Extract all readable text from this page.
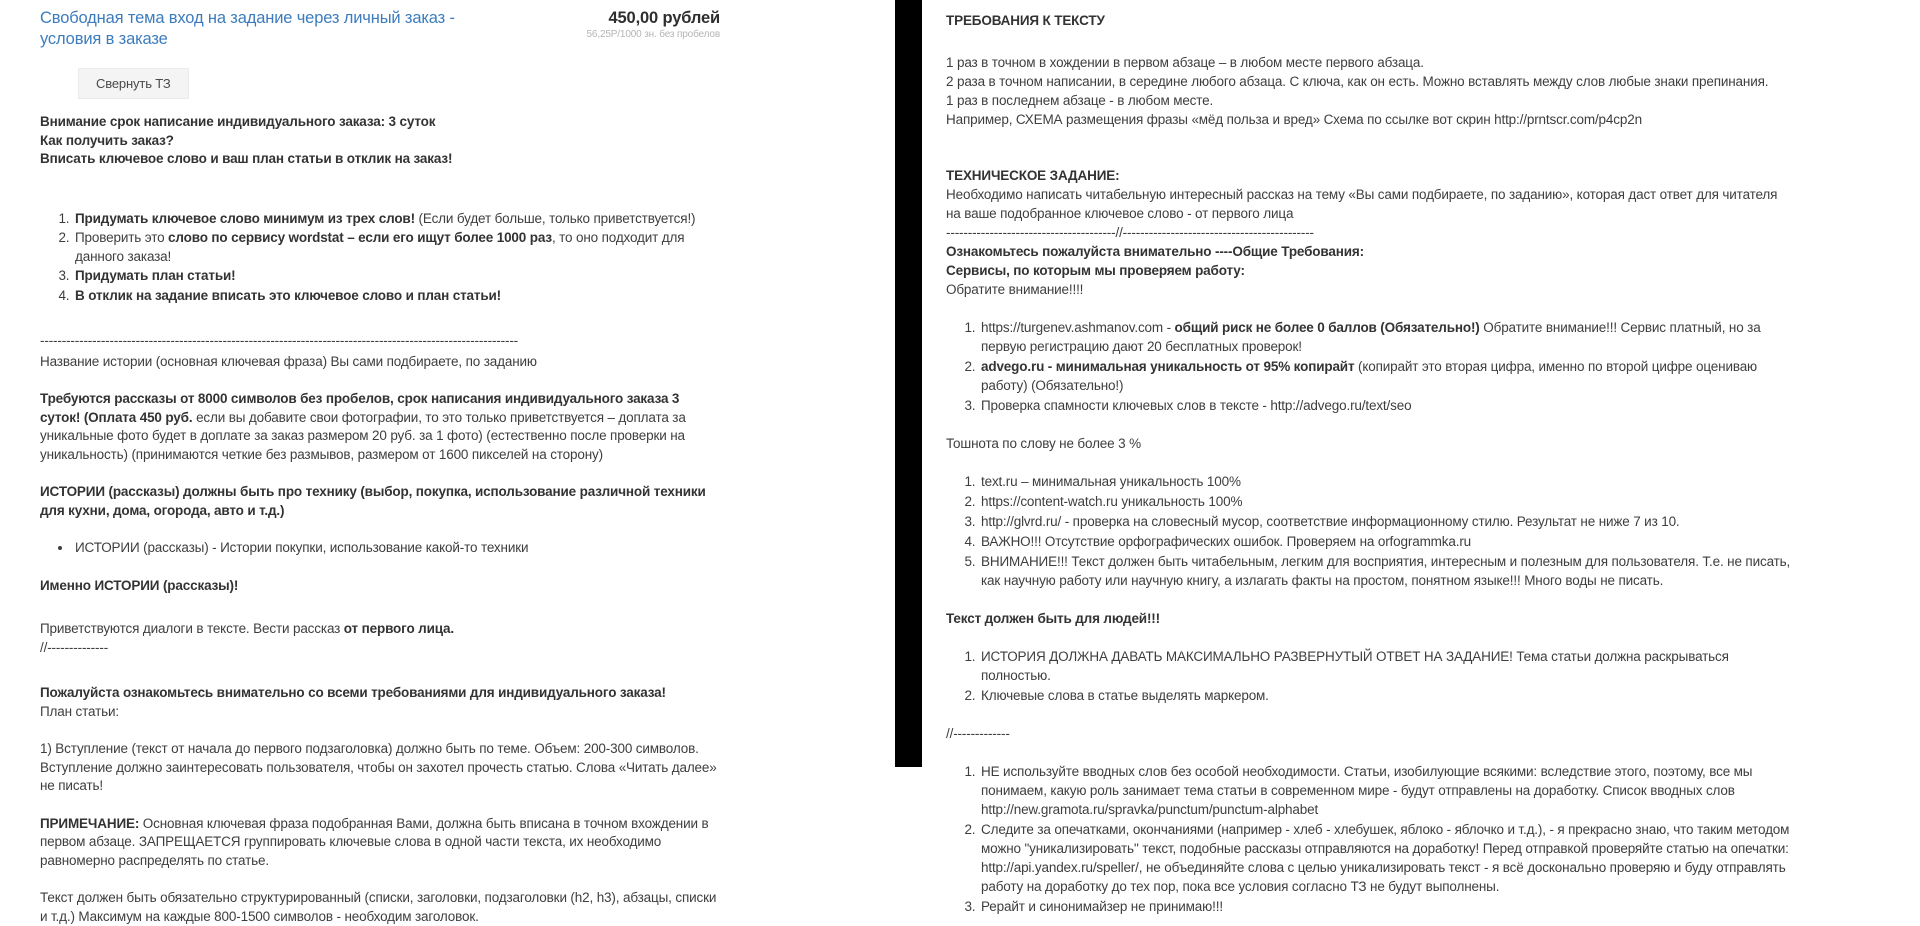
Свободная тема вход на задание через личный заказ - условия в заказе
450,00 рублей
56,25Р/1000 зн. без пробелов
Свернуть ТЗ
Внимание срок написание индивидуального заказа: 3 суток
Как получить заказ?
Вписать ключевое слово и ваш план статьи в отклик на заказ!
1. Придумать ключевое слово минимум из трех слов! (Если будет больше, только приветствуется!)
2. Проверить это слово по сервису wordstat – если его ищут более 1000 раз, то оно подходит для данного заказа!
3. Придумать план статьи!
4. В отклик на задание вписать это ключевое слово и план статьи!
--------------------------------------------------------------------------------------------------------------
Название истории (основная ключевая фраза) Вы сами подбираете, по заданию
Требуются рассказы от 8000 символов без пробелов, срок написания индивидуального заказа 3 суток! (Оплата 450 руб. если вы добавите свои фотографии, то это только приветствуется – доплата за уникальные фото будет в доплате за заказ размером 20 руб. за 1 фото) (естественно после проверки на уникальность) (принимаются четкие без размывов, размером от 1600 пикселей на сторону)
ИСТОРИИ (рассказы) должны быть про технику (выбор, покупка, использование различной техники для кухни, дома, огорода, авто и т.д.)
• ИСТОРИИ (рассказы) - Истории покупки, использование какой-то техники
Именно ИСТОРИИ (рассказы)!
Приветствуются диалоги в тексте. Вести рассказ от первого лица.
//--------------
Пожалуйста ознакомьтесь внимательно со всеми требованиями для индивидуального заказа!
План статьи:
1) Вступление (текст от начала до первого подзаголовка) должно быть по теме. Объем: 200-300 символов. Вступление должно заинтересовать пользователя, чтобы он захотел прочесть статью. Слова «Читать далее» не писать!
ПРИМЕЧАНИЕ: Основная ключевая фраза подобранная Вами, должна быть вписана в точном вхождении в первом абзаце. ЗАПРЕЩАЕТСЯ группировать ключевые слова в одной части текста, их необходимо равномерно распределять по статье.
Текст должен быть обязательно структурированный (списки, заголовки, подзаголовки (h2, h3), абзацы, списки и т.д.) Максимум на каждые 800-1500 символов - необходим заголовок.
ТРЕБОВАНИЯ К ТЕКСТУ
1 раз в точном в хождении в первом абзаце – в любом месте первого абзаца.
2 раза в точном написании, в середине любого абзаца. С ключа, как он есть. Можно вставлять между слов любые знаки препинания.
1 раз в последнем абзаце - в любом месте.
Например, СХЕМА размещения фразы «мёд польза и вред» Схема по ссылке вот скрин http://prntscr.com/p4cp2n
ТЕХНИЧЕСКОЕ ЗАДАНИЕ:
Необходимо написать читабельную интересный рассказ на тему «Вы сами подбираете, по заданию», которая даст ответ для читателя на ваше подобранное ключевое слово - от первого лица
---------------------------------------//--------------------------------------------
Ознакомьтесь пожалуйста внимательно ----Общие Требования:
Сервисы, по которым мы проверяем работу:
Обратите внимание!!!!
1. https://turgenev.ashmanov.com - общий риск не более 0 баллов (Обязательно!) Обратите внимание!!! Сервис платный, но за первую регистрацию дают 20 бесплатных проверок!
2. advego.ru - минимальная уникальность от 95% копирайт (копирайт это вторая цифра, именно по второй цифре оцениваю работу) (Обязательно!)
3. Проверка спамности ключевых слов в тексте - http://advego.ru/text/seo
Тошнота по слову не более 3 %
1. text.ru – минимальная уникальность 100%
2. https://content-watch.ru уникальность 100%
3. http://glvrd.ru/ - проверка на словесный мусор, соответствие информационному стилю. Результат не ниже 7 из 10.
4. ВАЖНО!!! Отсутствие орфографических ошибок. Проверяем на orfogrammka.ru
5. ВНИМАНИЕ!!! Текст должен быть читабельным, легким для восприятия, интересным и полезным для пользователя. Т.е. не писать, как научную работу или научную книгу, а излагать факты на простом, понятном языке!!! Много воды не писать.
Текст должен быть для людей!!!
1. ИСТОРИЯ ДОЛЖНА ДАВАТЬ МАКСИМАЛЬНО РАЗВЕРНУТЫЙ ОТВЕТ НА ЗАДАНИЕ! Тема статьи должна раскрываться полностью.
2. Ключевые слова в статье выделять маркером.
//-------------
1. НЕ используйте вводных слов без особой необходимости. Статьи, изобилующие всякими: вследствие этого, поэтому, все мы понимаем, какую роль занимает тема статьи в современном мире - будут отправлены на доработку. Список вводных слов http://new.gramota.ru/spravka/punctum/punctum-alphabet
2. Следите за опечатками, окончаниями (например - хлеб - хлебушек, яблоко - яблочко и т.д.), - я прекрасно знаю, что таким методом можно "уникализировать" текст, подобные рассказы отправляются на доработку! Перед отправкой проверяйте статью на опечатки: http://api.yandex.ru/speller/, не объединяйте слова с целью уникализировать текст - я всё досконально проверяю и буду отправлять работу на доработку до тех пор, пока все условия согласно ТЗ не будут выполнены.
3. Рерайт и синонимайзер не принимаю!!!
